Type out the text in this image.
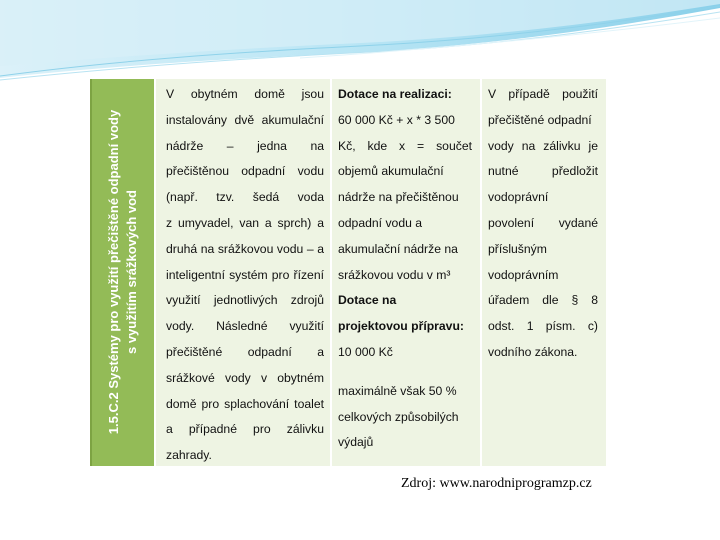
1.5.C.2 Systémy pro využití přečištěné odpadní vody s využitím srážkových vod
V obytném domě jsou
instalovány dvě akumulační
nádrže – jedna na
přečištěnou odpadní vodu
(např. tzv. šedá voda
z umyvadel, van a sprch) a
druhá na srážkovou vodu – a
inteligentní systém pro řízení
využití jednotlivých zdrojů
vody. Následné využití
přečištěné odpadní a
srážkové vody v obytném
domě pro splachování toalet
a případné pro zálivku
zahrady.
Dotace na realizaci:
60 000 Kč + x * 3 500
Kč, kde x = součet
objemů akumulační
nádrže na přečištěnou
odpadní vodu a
akumulační nádrže na
srážkovou vodu v m³
Dotace na
projektovou přípravu:
10 000 Kč
maximálně však 50 %
celkových způsobilých
výdajů
V případě použití
přečištěné odpadní
vody na zálivku je
nutné předložit
vodoprávní
povolení vydané
příslušným
vodoprávním
úřadem dle § 8
odst. 1 písm. c)
vodního zákona.
Zdroj: www.narodniprogramzp.cz
